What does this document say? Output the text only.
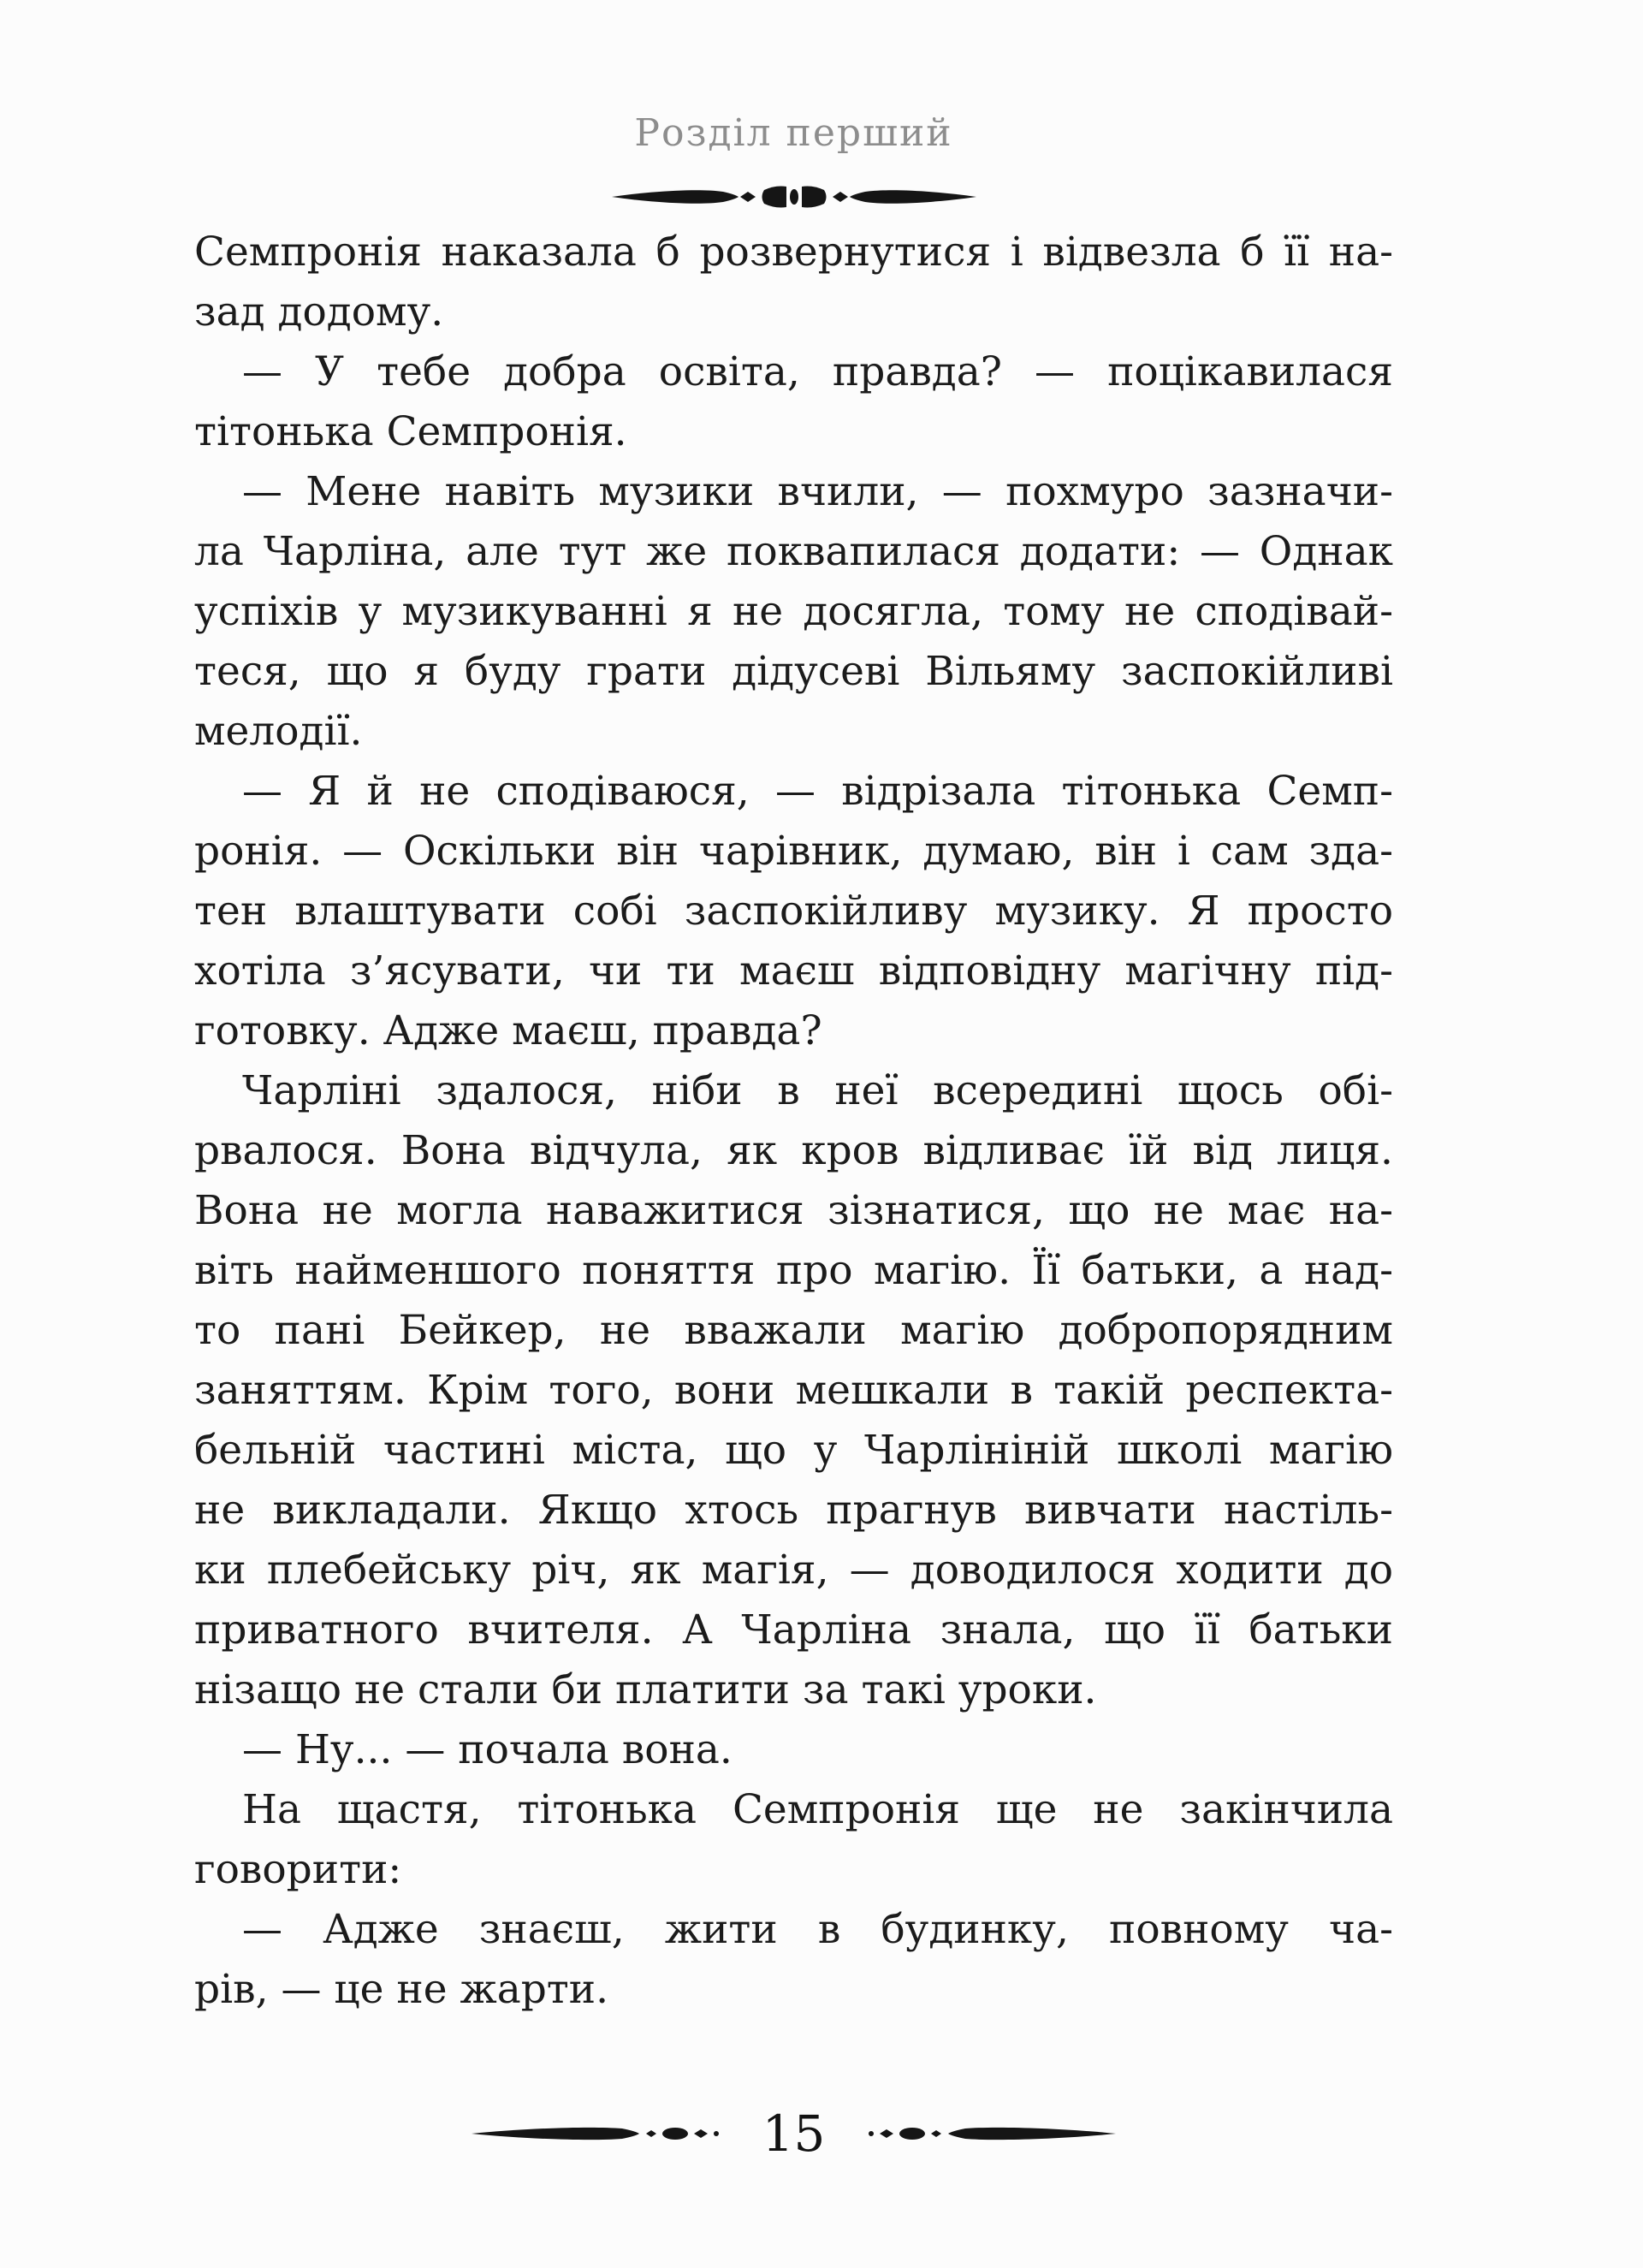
Розділ перший
Семпронія наказала б розвернутися і відвезла б її на-
зад додому.
— У тебе добра освіта, правда? — поцікавилася
тітонька Семпронія.
— Мене навіть музики вчили, — похмуро зазначи-
ла Чарліна, але тут же поквапилася додати: — Однак
успіхів у музикуванні я не досягла, тому не сподівай-
теся, що я буду грати дідусеві Вільяму заспокійливі
мелодії.
— Я й не сподіваюся, — відрізала тітонька Семп-
ронія. — Оскільки він чарівник, думаю, він і сам зда-
тен влаштувати собі заспокійливу музику. Я просто
хотіла з’ясувати, чи ти маєш відповідну магічну під-
готовку. Адже маєш, правда?
Чарліні здалося, ніби в неї всередині щось обі-
рвалося. Вона відчула, як кров відливає їй від лиця.
Вона не могла наважитися зізнатися, що не має на-
віть найменшого поняття про магію. Її батьки, а над-
то пані Бейкер, не вважали магію добропорядним
заняттям. Крім того, вони мешкали в такій респекта-
бельній частині міста, що у Чарлініній школі магію
не викладали. Якщо хтось прагнув вивчати настіль-
ки плебейську річ, як магія, — доводилося ходити до
приватного вчителя. А Чарліна знала, що її батьки
нізащо не стали би платити за такі уроки.
— Ну... — почала вона.
На щастя, тітонька Семпронія ще не закінчила
говорити:
— Адже знаєш, жити в будинку, повному ча-
рів, — це не жарти.
15
